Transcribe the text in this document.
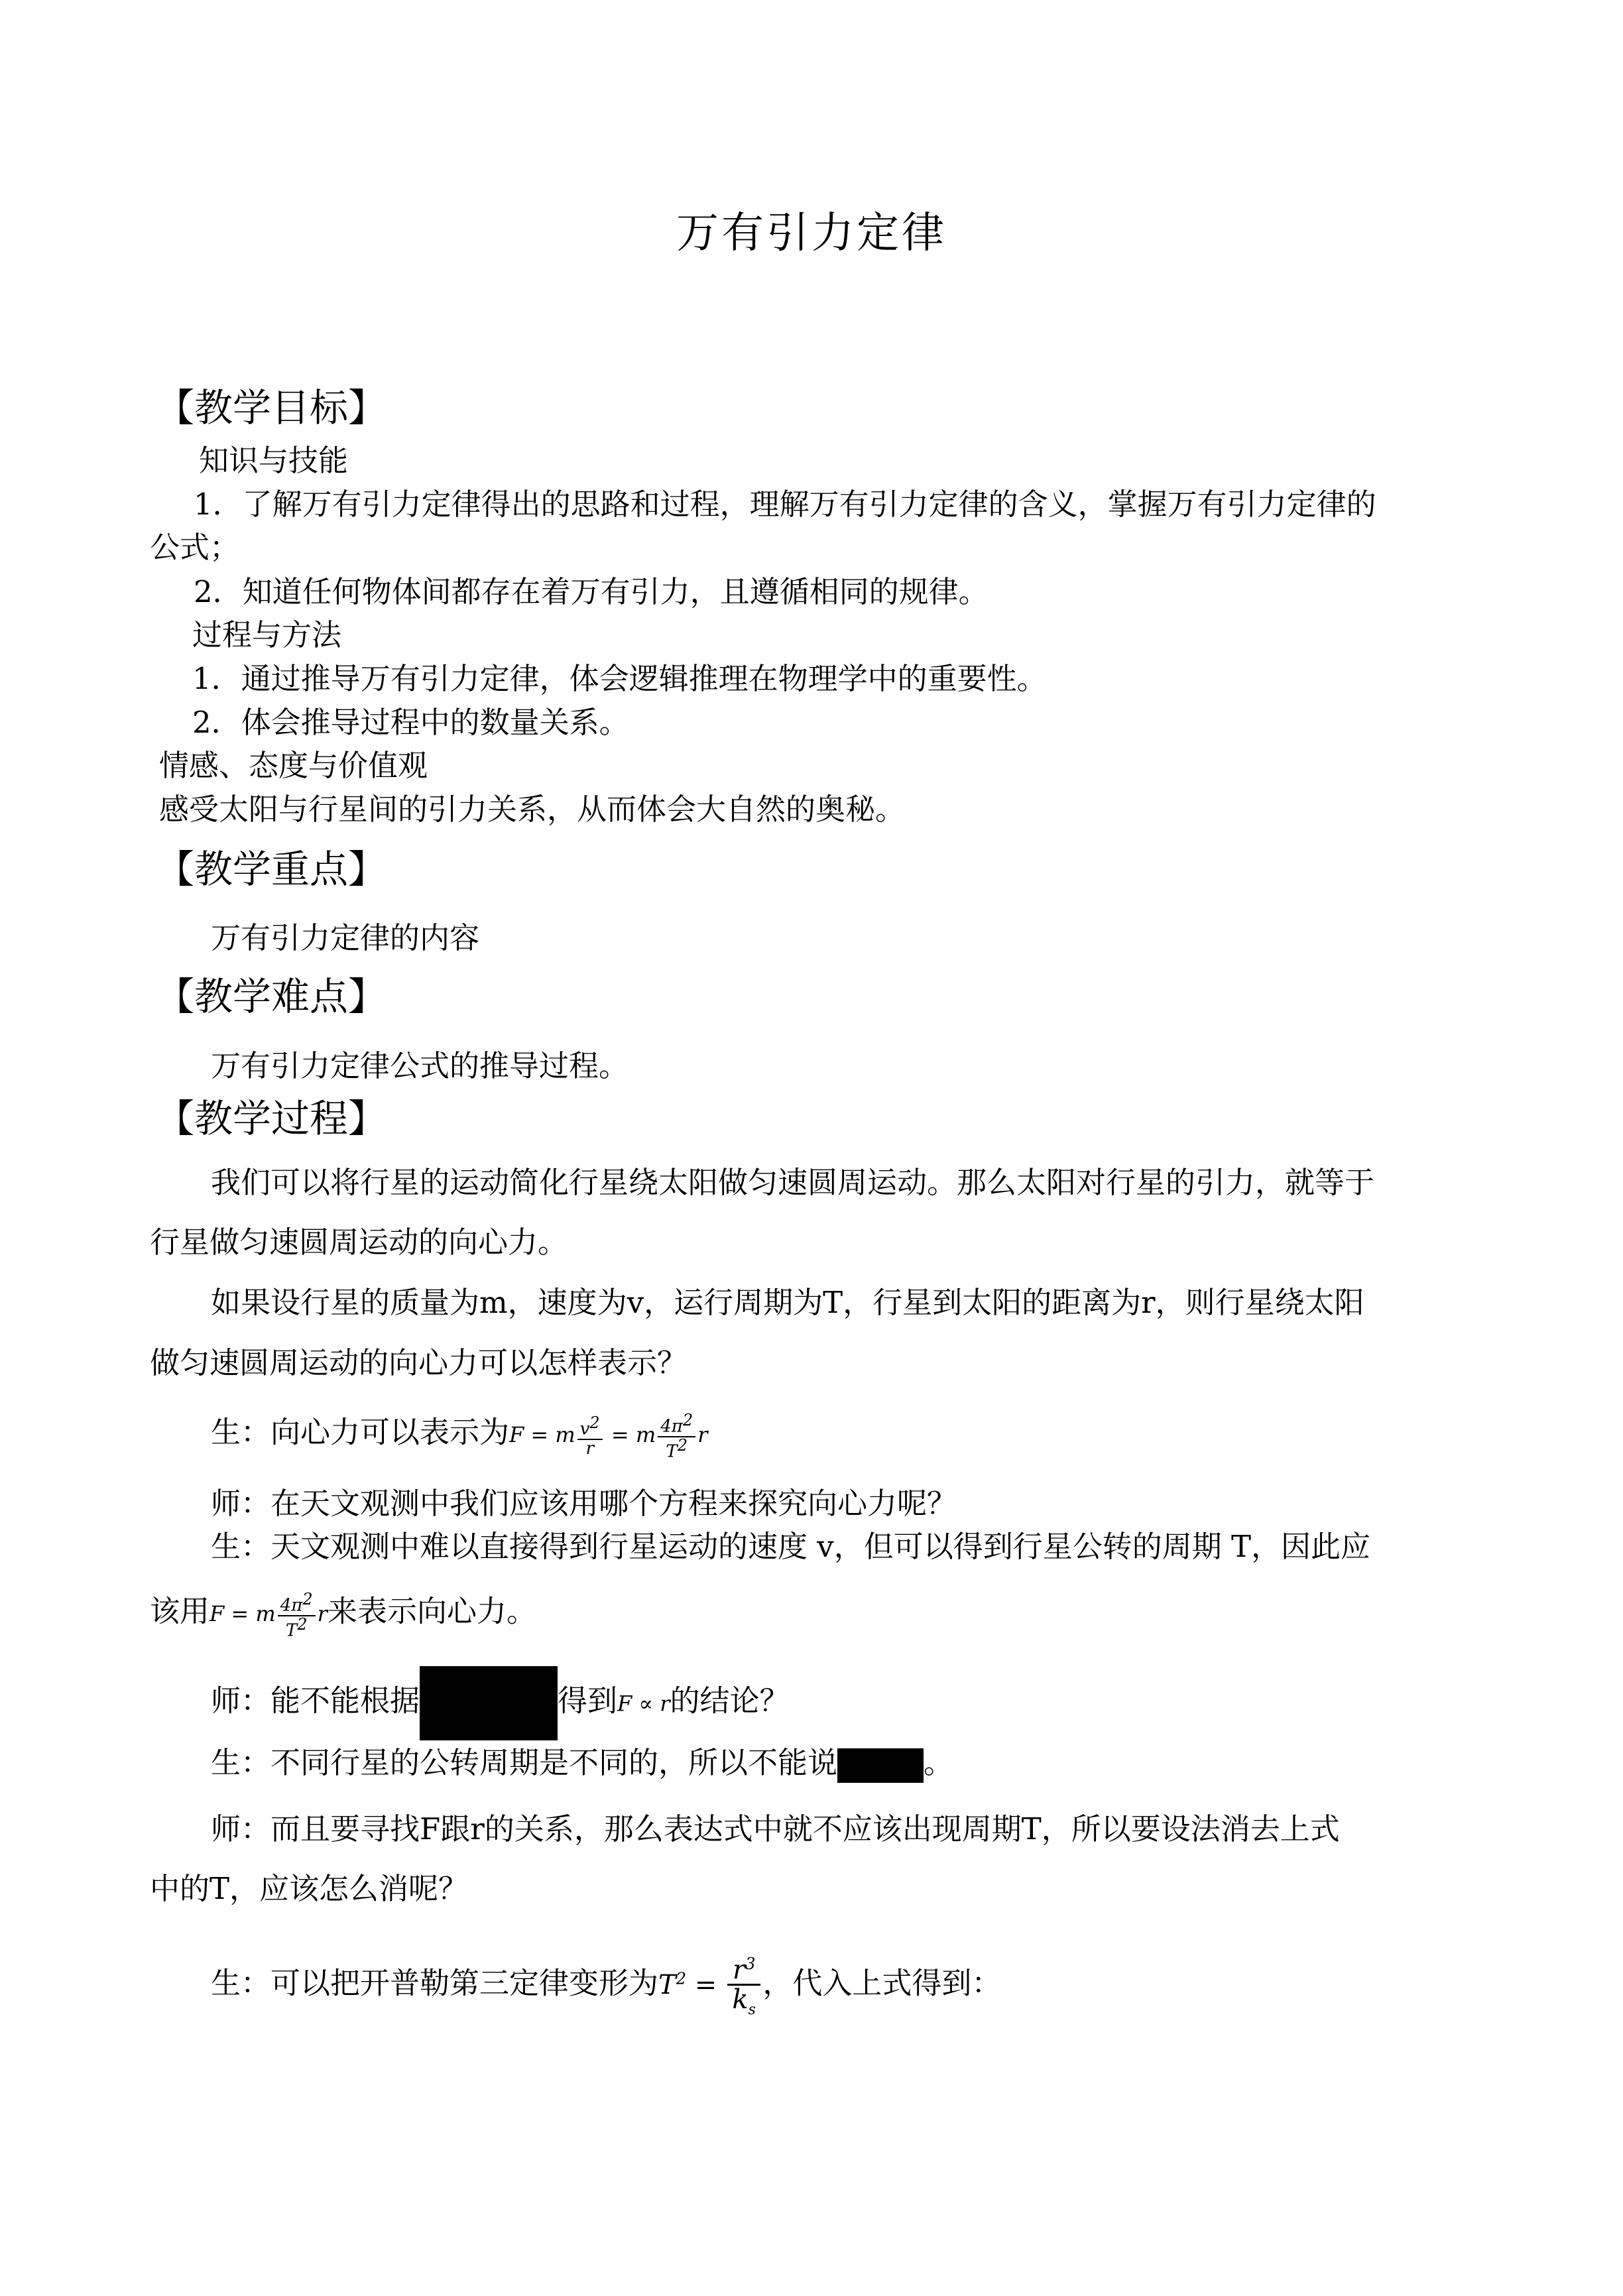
万有引力定律
【教学目标】
知识与技能
1．了解万有引力定律得出的思路和过程，理解万有引力定律的含义，掌握万有引力定律的
公式；
2．知道任何物体间都存在着万有引力，且遵循相同的规律。
过程与方法
1．通过推导万有引力定律，体会逻辑推理在物理学中的重要性。
2．体会推导过程中的数量关系。
情感、态度与价值观
感受太阳与行星间的引力关系，从而体会大自然的奥秘。
【教学重点】
万有引力定律的内容
【教学难点】
万有引力定律公式的推导过程。
【教学过程】
我们可以将行星的运动简化行星绕太阳做匀速圆周运动。那么太阳对行星的引力，就等于
行星做匀速圆周运动的向心力。
如果设行星的质量为m，速度为v，运行周期为T，行星到太阳的距离为r，则行星绕太阳
做匀速圆周运动的向心力可以怎样表示？
生：向心力可以表示为F = m $\frac{v2}{r} = m \frac{4\pi 2}{T2}$ r
师：在天文观测中我们应该用哪个方程来探究向心力呢？
生：天文观测中难以直接得到行星运动的速度 v，但可以得到行星公转的周期 T，因此应
该用F = m $\frac{4\pi 2}{T2}$ r来表示向心力。
师：能不能根据	得到F ∝ r的结论？
生：不同行星的公转周期是不同的，所以不能说	。
师：而且要寻找F跟r的关系，那么表达式中就不应该出现周期T，所以要设法消去上式
中的T，应该怎么消呢？
生：可以把开普勒第三定律变形为$T^2 = \frac{r^3}{k_s}$ ，代入上式得到：
